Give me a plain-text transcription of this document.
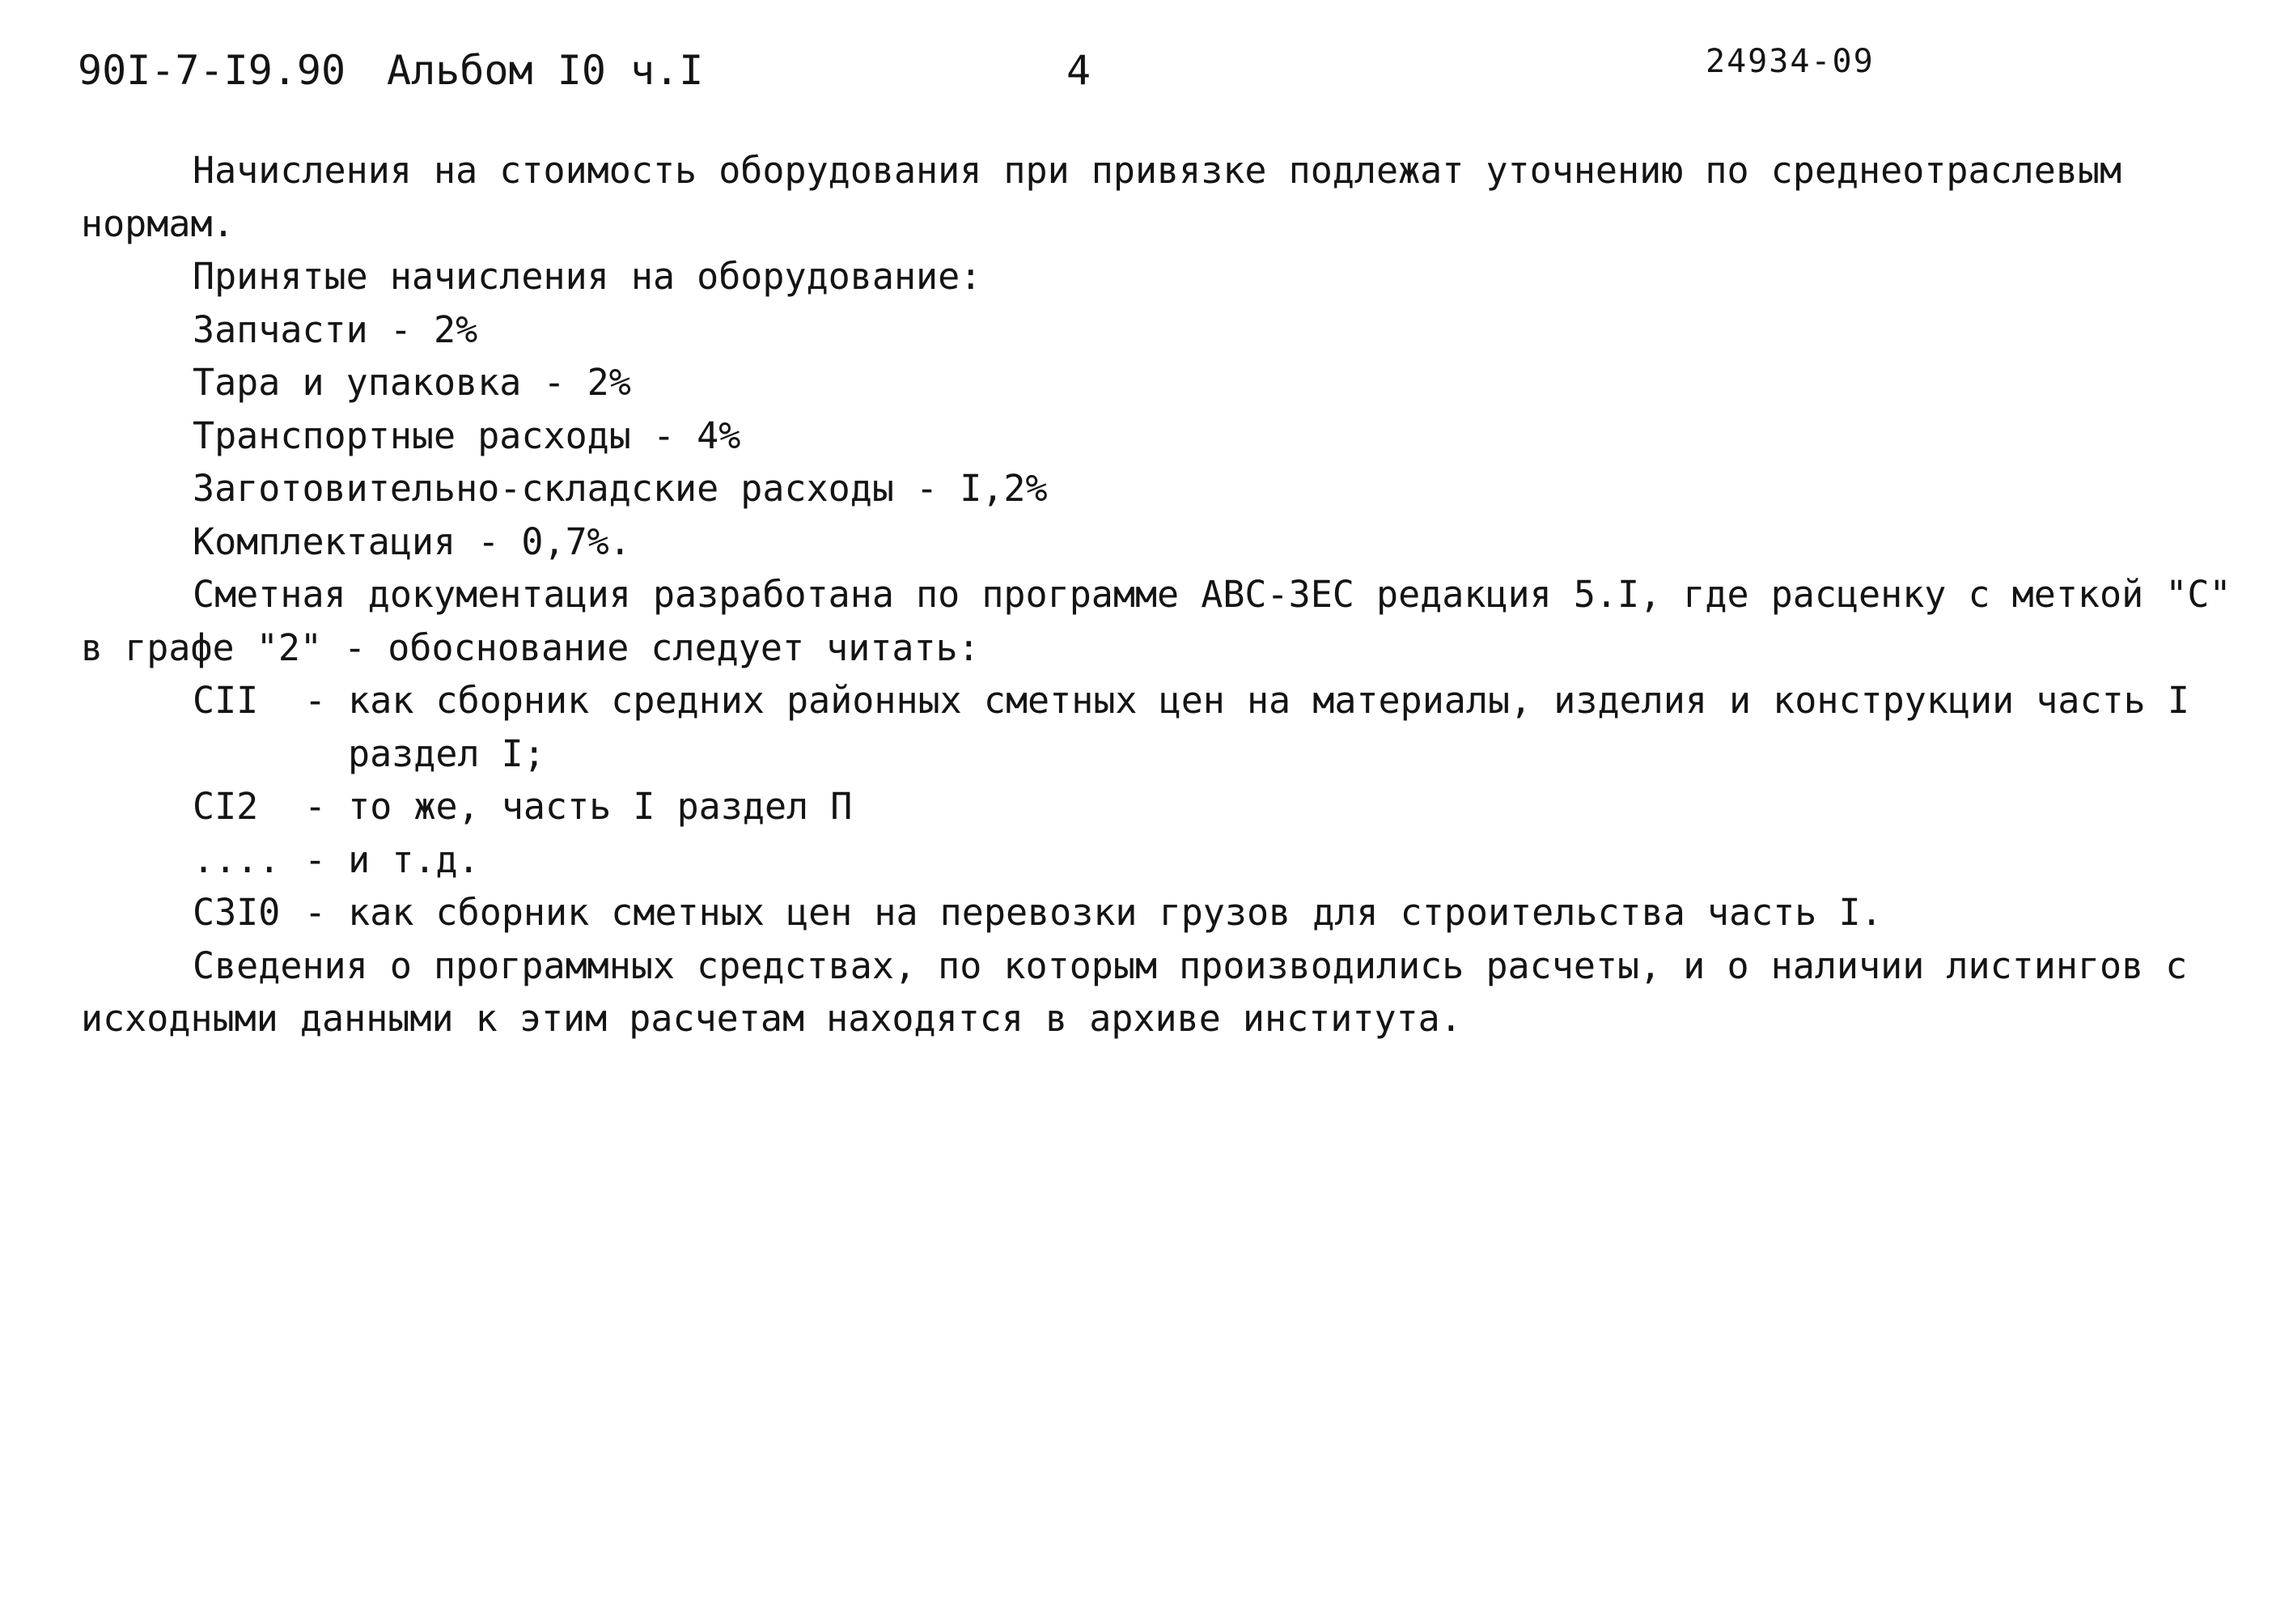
90I-7-I9.90 Альбом I0 ч.I	4	24934-09
Начисления на стоимость оборудования при привязке подлежат уточнению по среднеотраслевым
нормам.
Принятые начисления на оборудование:
Запчасти - 2%
Тара и упаковка - 2%
Транспортные расходы - 4%
Заготовительно-складские расходы - I,2%
Комплектация - 0,7%.
Сметная документация разработана по программе АВС-3ЕС редакция 5.I, где расценку с меткой "С"
в графе "2" - обоснование следует читать:
СII	- как сборник средних районных сметных цен на материалы, изделия и конструкции часть I
раздел I;
СI2	- то же, часть I раздел П
.... - и т.д.
С3I0 - как сборник сметных цен на перевозки грузов для строительства часть I.
Сведения о программных средствах, по которым производились расчеты, и о наличии листингов с
исходными данными к этим расчетам находятся в архиве института.
